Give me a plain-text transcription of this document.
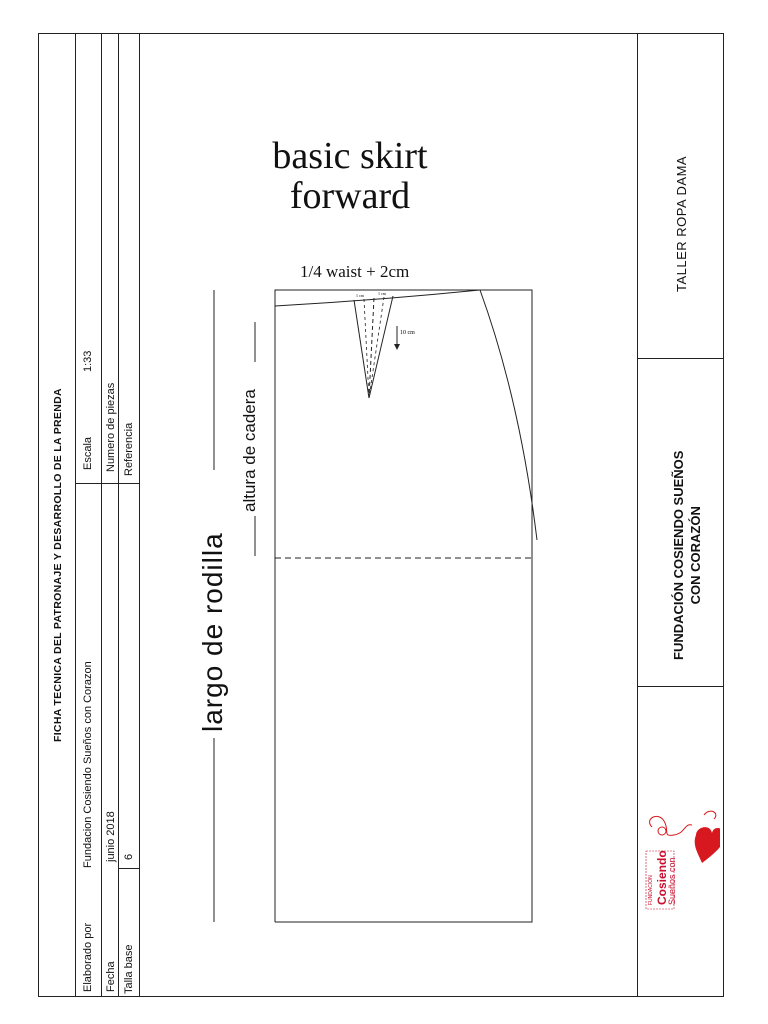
FICHA TECNICA DEL PATRONAJE Y DESARROLLO DE LA PRENDA
Elaborado por
Fundacion Cosiendo Sueños con Corazon
Escala
1:33
Fecha
junio 2018
Numero de piezas
Talla base
6
Referencia
basic skirt
forward
1/4 waist + 2cm
10 cm
1 cm	1 cm
largo de rodilla
altura de cadera
TALLER ROPA DAMA
FUNDACIÓN COSIENDO SUEÑOS CON CORAZÓN
FUNDACIÓN Cosiendo
Sueños con
